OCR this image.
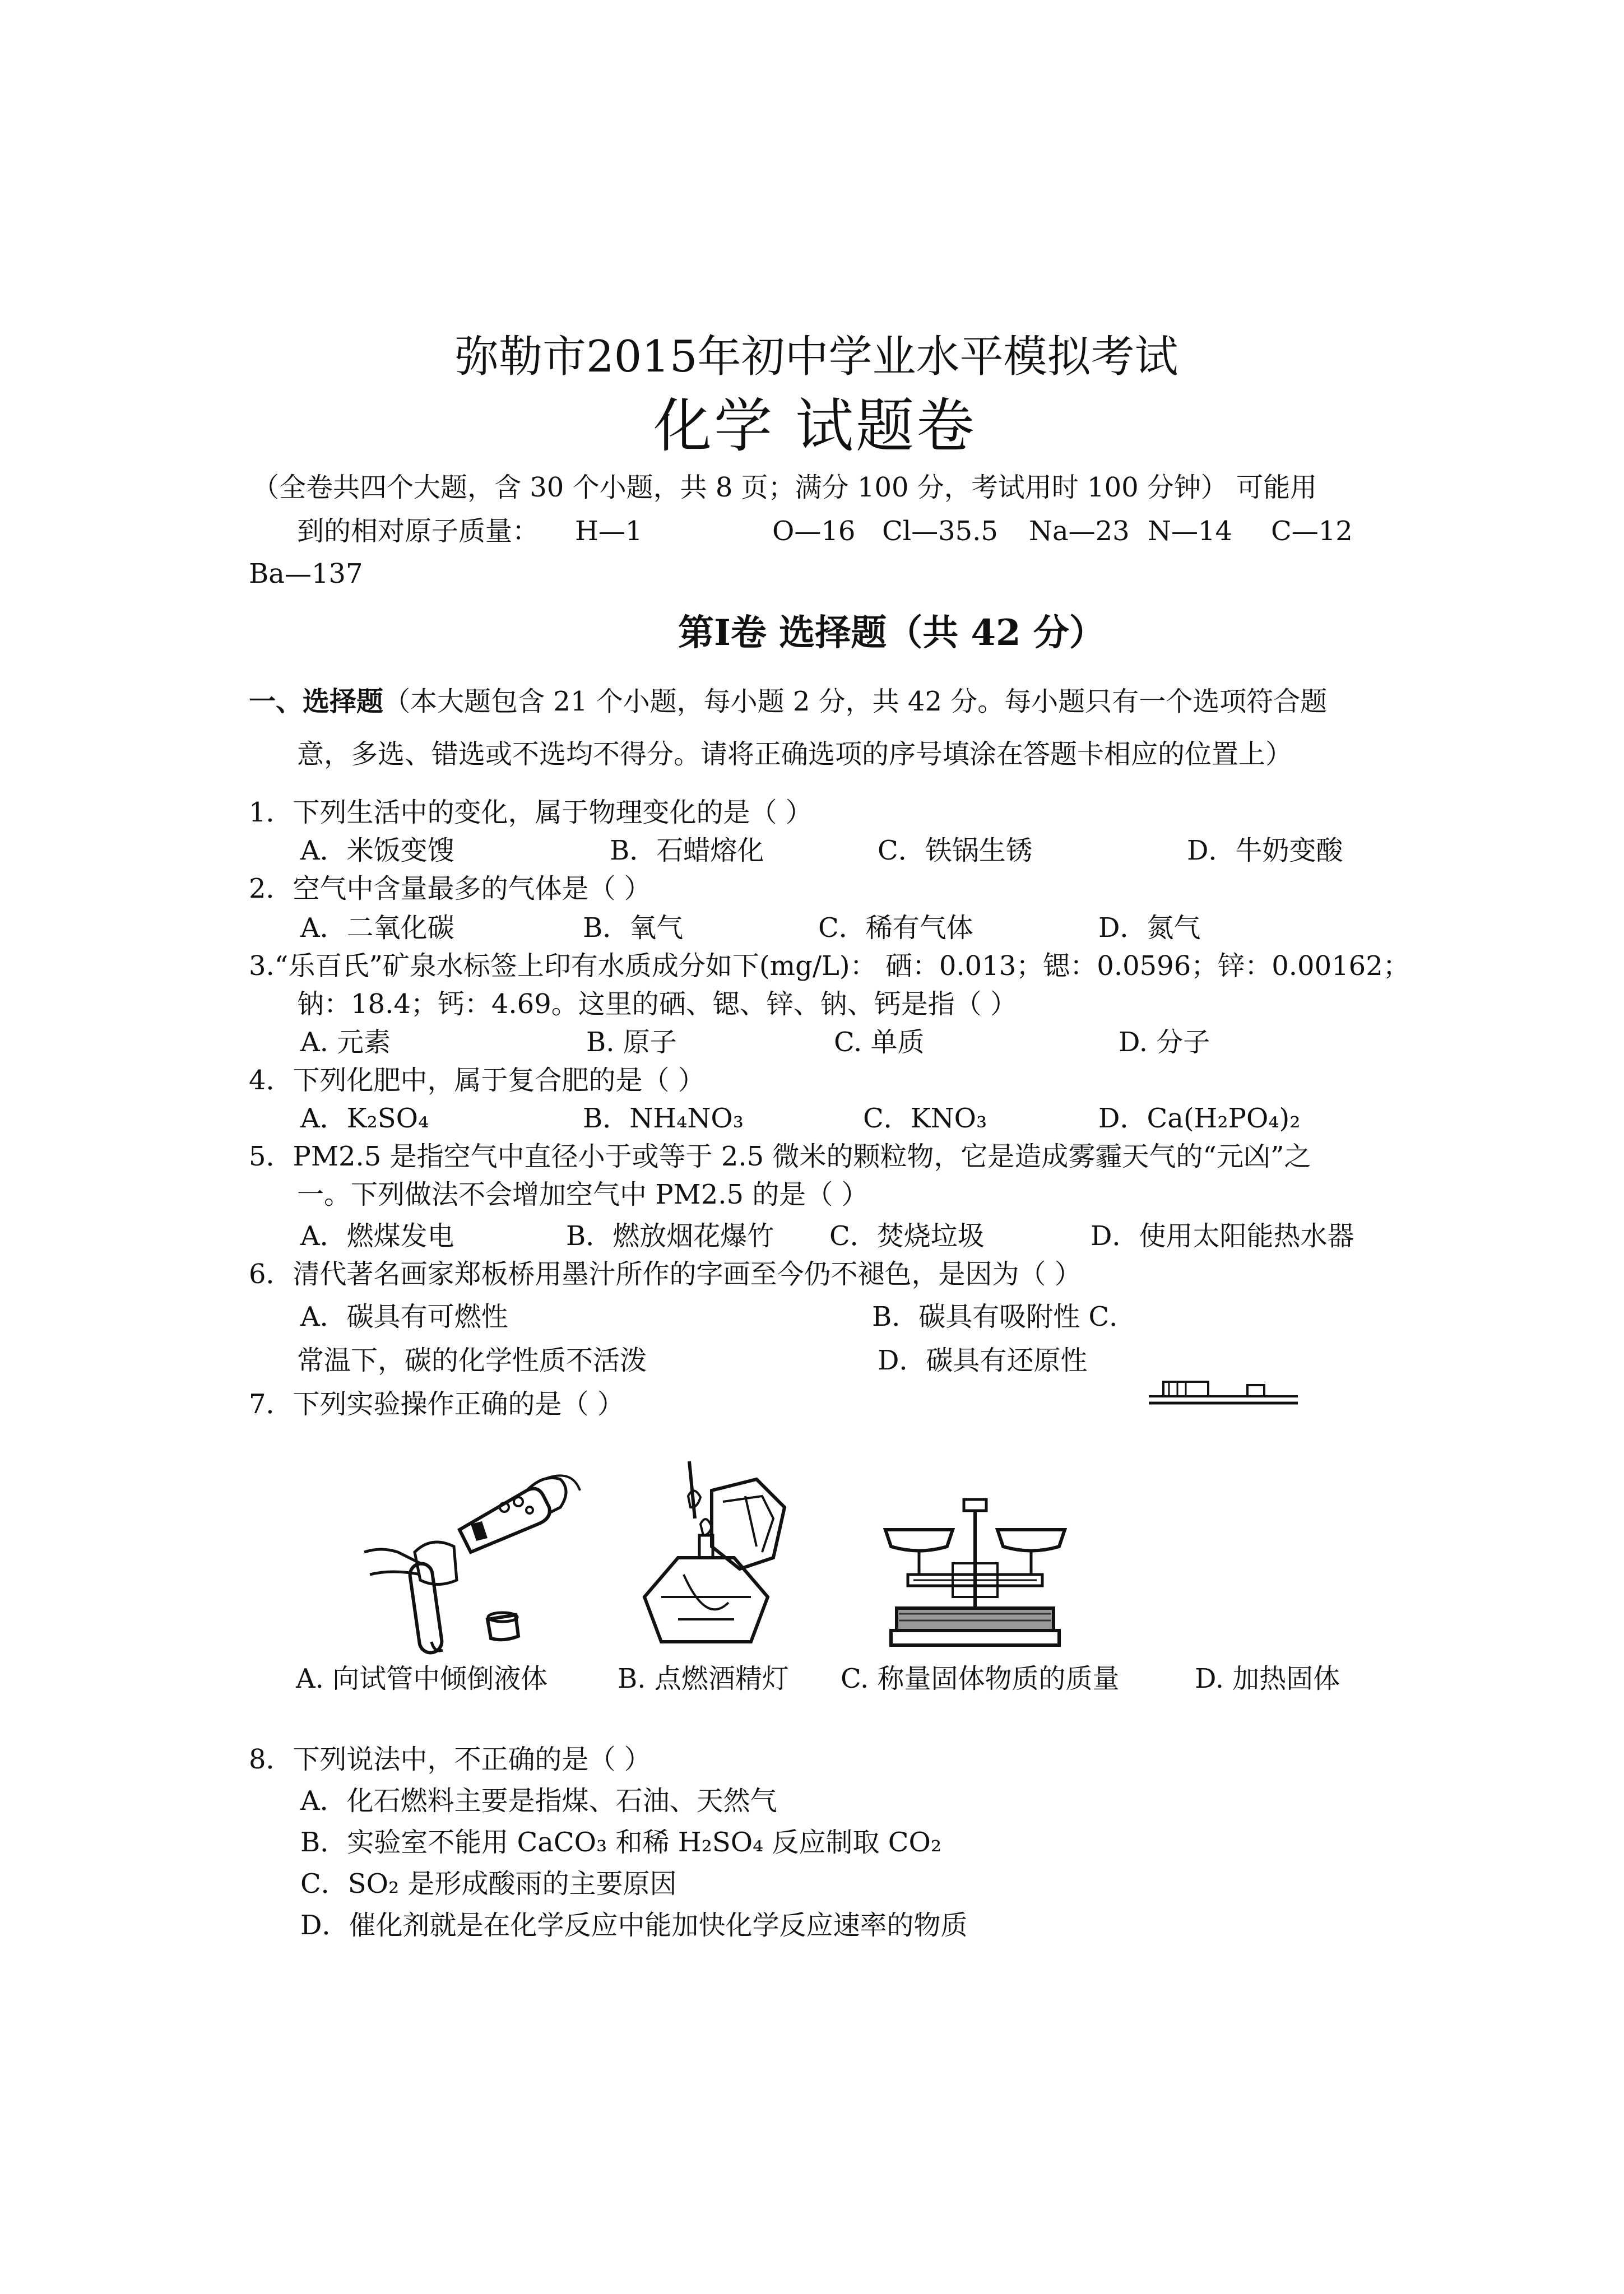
弥勒市2015年初中学业水平模拟考试
化学 试题卷
（全卷共四个大题，含 30 个小题，共 8 页；满分 100 分，考试用时 100 分钟） 可能用
到的相对原子质量： H—1	O—16 Cl—35.5 Na—23 N—14 C—12
Ba—137
第Ⅰ卷 选择题（共 42 分）
一、选择题（本大题包含 21 个小题，每小题 2 分，共 42 分。每小题只有一个选项符合题
意，多选、错选或不选均不得分。请将正确选项的序号填涂在答题卡相应的位置上）
1．下列生活中的变化，属于物理变化的是（ ）
A．米饭变馊	B．石蜡熔化	C．铁锅生锈	D．牛奶变酸
2．空气中含量最多的气体是（ ）
A．二氧化碳	B．氧气	C．稀有气体	D．氮气
3.“乐百氏”矿泉水标签上印有水质成分如下(mg/L)： 硒：0.013；锶：0.0596；锌：0.00162；
钠：18.4；钙：4.69。这里的硒、锶、锌、钠、钙是指（ ）
A. 元素	B. 原子	C. 单质	D. 分子
4．下列化肥中，属于复合肥的是（ ）
A．K₂SO₄	B．NH₄NO₃	C．KNO₃	D．Ca(H₂PO₄)₂
5．PM2.5 是指空气中直径小于或等于 2.5 微米的颗粒物，它是造成雾霾天气的“元凶”之
一。下列做法不会增加空气中 PM2.5 的是（ ）
A．燃煤发电	B．燃放烟花爆竹 C．焚烧垃圾	D．使用太阳能热水器
6．清代著名画家郑板桥用墨汁所作的字画至今仍不褪色，是因为（ ）
A．碳具有可燃性	B．碳具有吸附性 C．
常温下，碳的化学性质不活泼	D．碳具有还原性
7．下列实验操作正确的是（ ）
A. 向试管中倾倒液体	B. 点燃酒精灯 C. 称量固体物质的质量	D. 加热固体
8．下列说法中，不正确的是（ ）
A．化石燃料主要是指煤、石油、天然气
B．实验室不能用 CaCO₃ 和稀 H₂SO₄ 反应制取 CO₂
C．SO₂ 是形成酸雨的主要原因
D．催化剂就是在化学反应中能加快化学反应速率的物质
